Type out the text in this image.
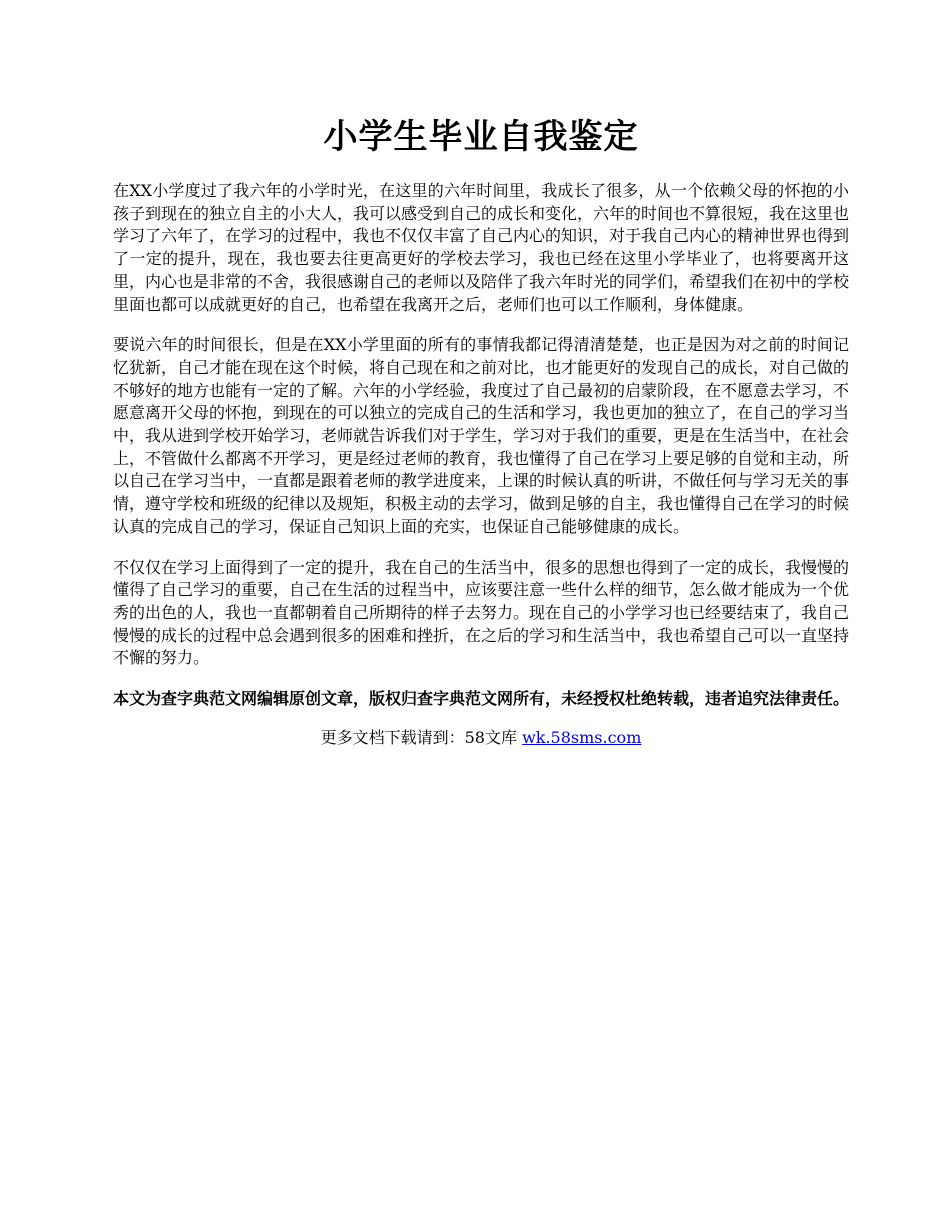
小学生毕业自我鉴定

在XX小学度过了我六年的小学时光，在这里的六年时间里，我成长了很多，从一个依赖父母的怀抱的小孩子到现在的独立自主的小大人，我可以感受到自己的成长和变化，六年的时间也不算很短，我在这里也学习了六年了，在学习的过程中，我也不仅仅丰富了自己内心的知识，对于我自己内心的精神世界也得到了一定的提升，现在，我也要去往更高更好的学校去学习，我也已经在这里小学毕业了，也将要离开这里，内心也是非常的不舍，我很感谢自己的老师以及陪伴了我六年时光的同学们，希望我们在初中的学校里面也都可以成就更好的自己，也希望在我离开之后，老师们也可以工作顺利，身体健康。

要说六年的时间很长，但是在XX小学里面的所有的事情我都记得清清楚楚，也正是因为对之前的时间记忆犹新，自己才能在现在这个时候，将自己现在和之前对比，也才能更好的发现自己的成长，对自己做的不够好的地方也能有一定的了解。六年的小学经验，我度过了自己最初的启蒙阶段，在不愿意去学习，不愿意离开父母的怀抱，到现在的可以独立的完成自己的生活和学习，我也更加的独立了，在自己的学习当中，我从进到学校开始学习，老师就告诉我们对于学生，学习对于我们的重要，更是在生活当中，在社会上，不管做什么都离不开学习，更是经过老师的教育，我也懂得了自己在学习上要足够的自觉和主动，所以自己在学习当中，一直都是跟着老师的教学进度来，上课的时候认真的听讲，不做任何与学习无关的事情，遵守学校和班级的纪律以及规矩，积极主动的去学习，做到足够的自主，我也懂得自己在学习的时候认真的完成自己的学习，保证自己知识上面的充实，也保证自己能够健康的成长。

不仅仅在学习上面得到了一定的提升，我在自己的生活当中，很多的思想也得到了一定的成长，我慢慢的懂得了自己学习的重要，自己在生活的过程当中，应该要注意一些什么样的细节，怎么做才能成为一个优秀的出色的人，我也一直都朝着自己所期待的样子去努力。现在自己的小学学习也已经要结束了，我自己慢慢的成长的过程中总会遇到很多的困难和挫折，在之后的学习和生活当中，我也希望自己可以一直坚持不懈的努力。

本文为查字典范文网编辑原创文章，版权归查字典范文网所有，未经授权杜绝转载，违者追究法律责任。

更多文档下载请到：58文库 wk.58sms.com
